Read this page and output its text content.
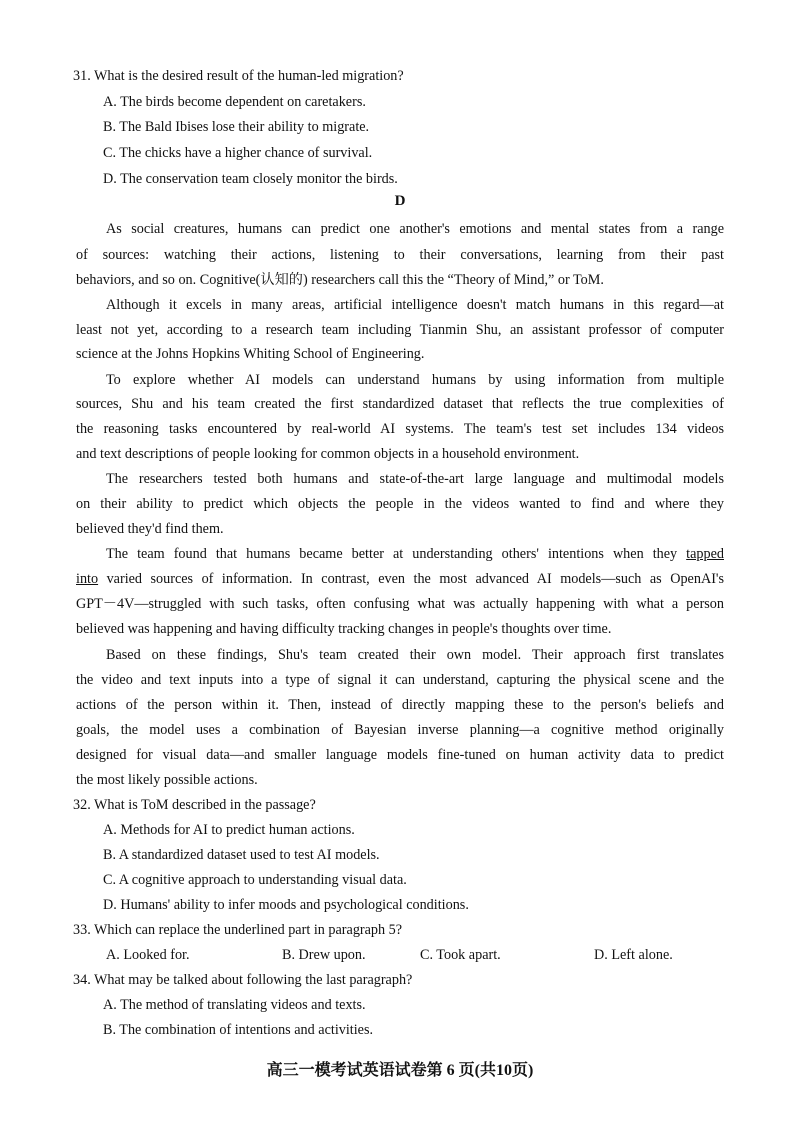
31. What is the desired result of the human-led migration?
A. The birds become dependent on caretakers.
B. The Bald Ibises lose their ability to migrate.
C. The chicks have a higher chance of survival.
D. The conservation team closely monitor the birds.
D
As social creatures, humans can predict one another's emotions and mental states from a range
of sources: watching their actions, listening to their conversations, learning from their past
behaviors, and so on. Cognitive(认知的) researchers call this the “Theory of Mind,” or ToM.
Although it excels in many areas, artificial intelligence doesn't match humans in this regard—at
least not yet, according to a research team including Tianmin Shu, an assistant professor of computer
science at the Johns Hopkins Whiting School of Engineering.
To explore whether AI models can understand humans by using information from multiple
sources, Shu and his team created the first standardized dataset that reflects the true complexities of
the reasoning tasks encountered by real-world AI systems. The team's test set includes 134 videos
and text descriptions of people looking for common objects in a household environment.
The researchers tested both humans and state-of-the-art large language and multimodal models
on their ability to predict which objects the people in the videos wanted to find and where they
believed they'd find them.
The team found that humans became better at understanding others' intentions when they tapped
into varied sources of information. In contrast, even the most advanced AI models—such as OpenAI's
GPT－4V—struggled with such tasks, often confusing what was actually happening with what a person
believed was happening and having difficulty tracking changes in people's thoughts over time.
Based on these findings, Shu's team created their own model. Their approach first translates
the video and text inputs into a type of signal it can understand, capturing the physical scene and the
actions of the person within it. Then, instead of directly mapping these to the person's beliefs and
goals, the model uses a combination of Bayesian inverse planning—a cognitive method originally
designed for visual data—and smaller language models fine-tuned on human activity data to predict
the most likely possible actions.
32. What is ToM described in the passage?
A. Methods for AI to predict human actions.
B. A standardized dataset used to test AI models.
C. A cognitive approach to understanding visual data.
D. Humans' ability to infer moods and psychological conditions.
33. Which can replace the underlined part in paragraph 5?
A. Looked for.	B. Drew upon.	C. Took apart.	D. Left alone.
34. What may be talked about following the last paragraph?
A. The method of translating videos and texts.
B. The combination of intentions and activities.
高三一模考试英语试卷第 6 页(共10页)
